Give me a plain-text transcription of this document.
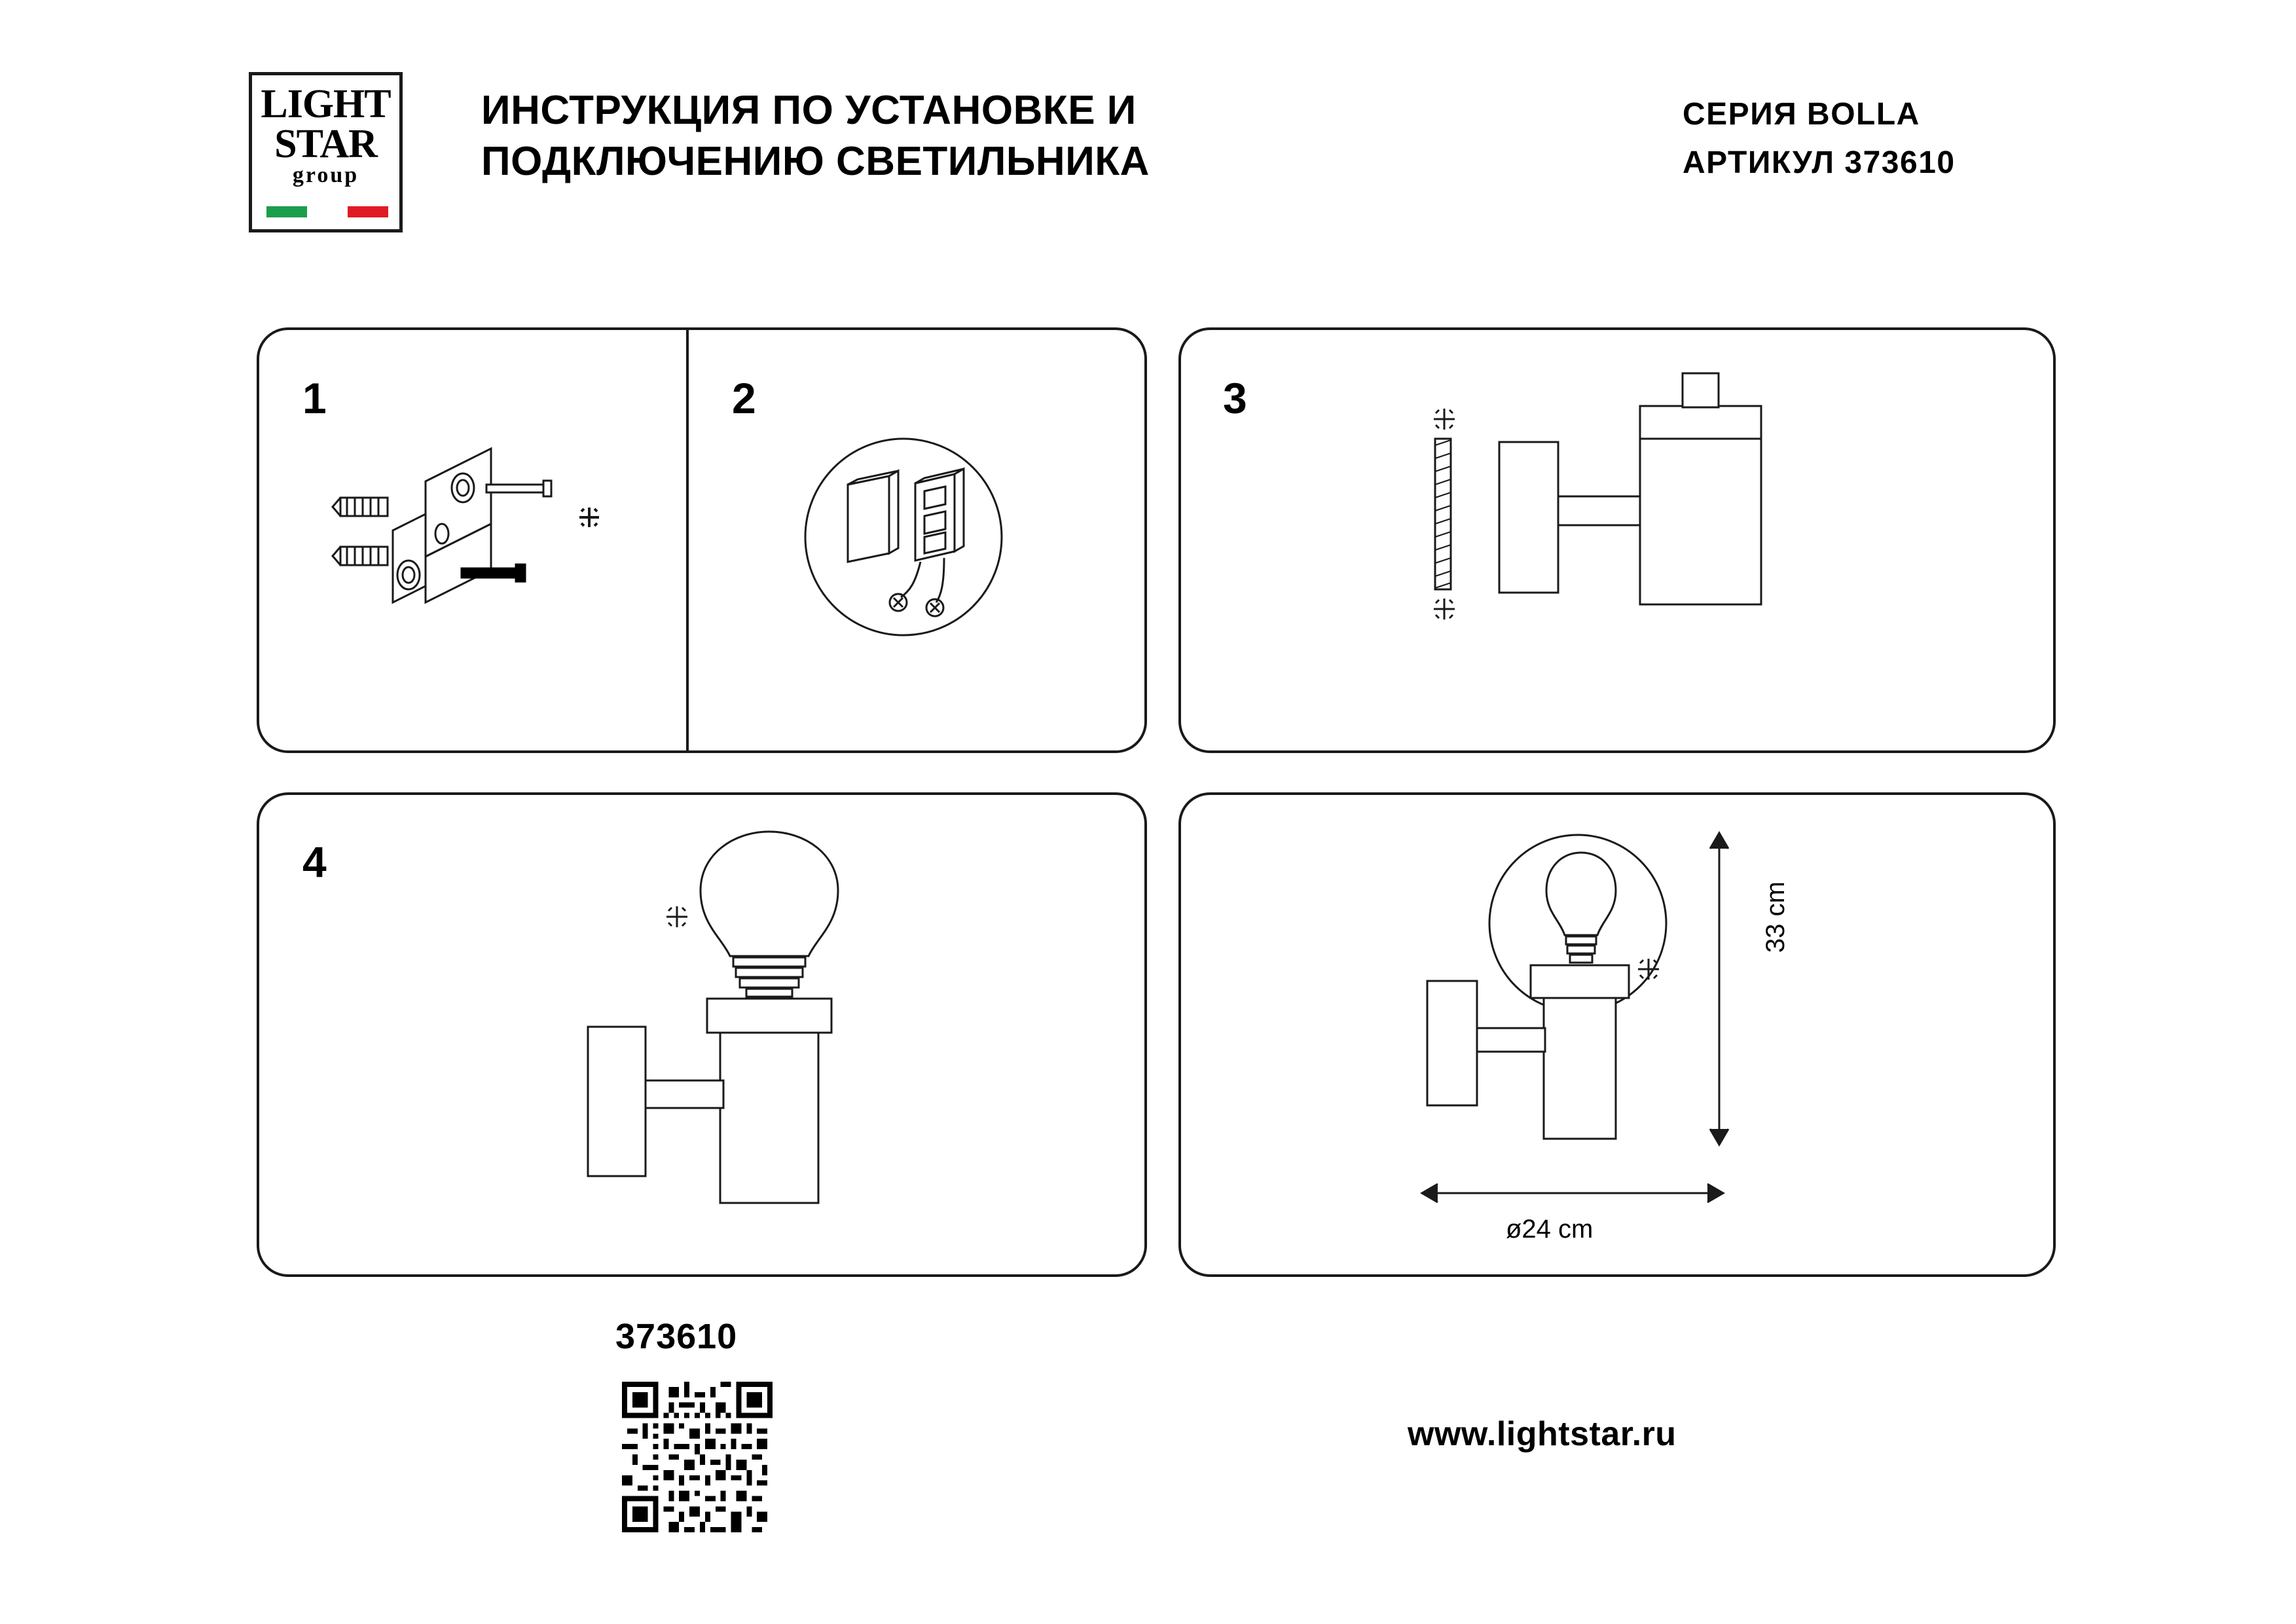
LIGHT
STAR
group
ИНСТРУКЦИЯ ПО УСТАНОВКЕ И ПОДКЛЮЧЕНИЮ СВЕТИЛЬНИКА
СЕРИЯ BOLLA
АРТИКУЛ 373610
1	2	3
4
33 cm
ø24 cm
373610
www.lightstar.ru
